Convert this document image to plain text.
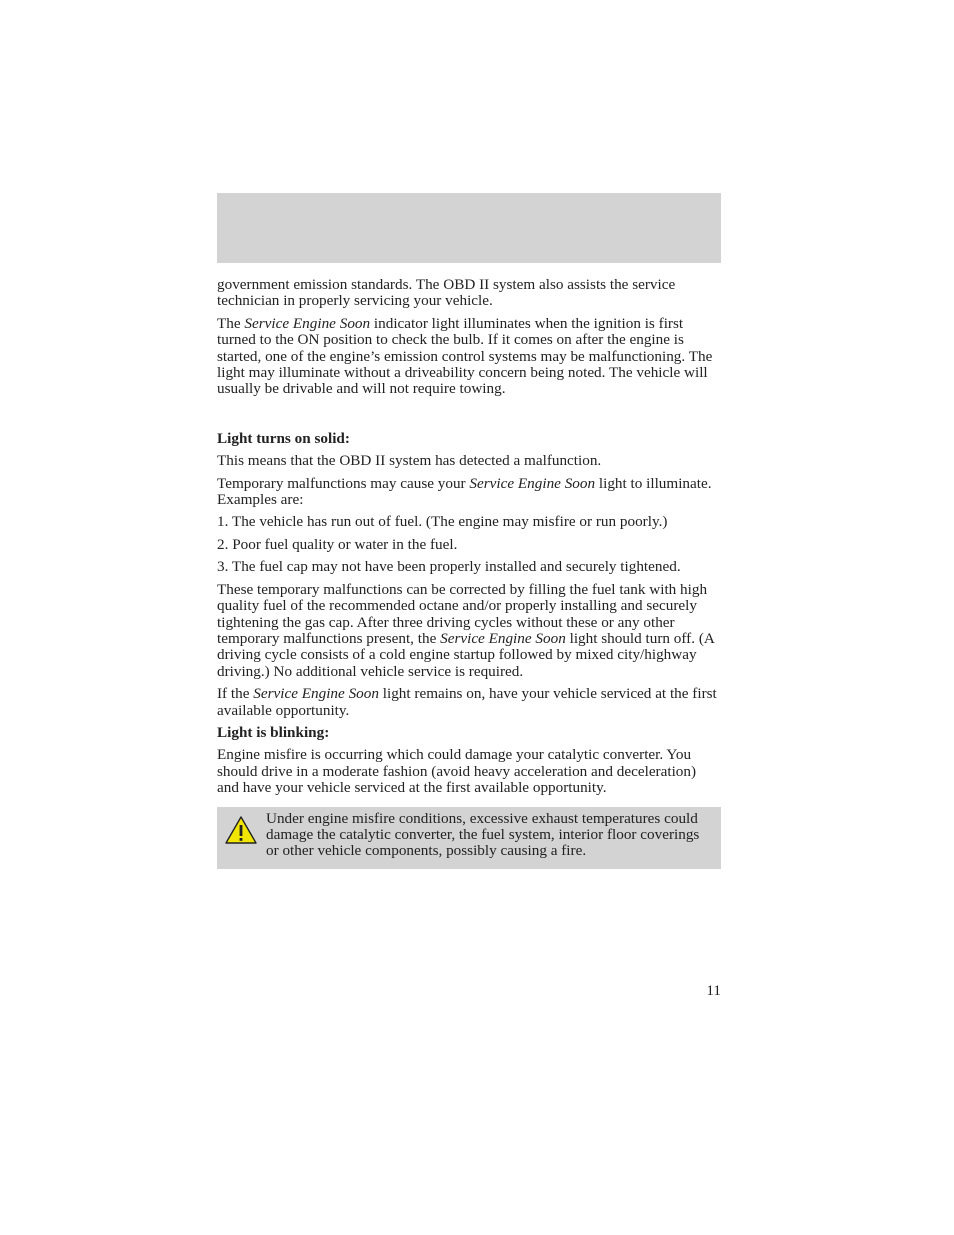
government emission standards. The OBD II system also assists the service technician in properly servicing your vehicle.

The Service Engine Soon indicator light illuminates when the ignition is first turned to the ON position to check the bulb. If it comes on after the engine is started, one of the engine’s emission control systems may be malfunctioning. The light may illuminate without a driveability concern being noted. The vehicle will usually be drivable and will not require towing.

Light turns on solid:

This means that the OBD II system has detected a malfunction.

Temporary malfunctions may cause your Service Engine Soon light to illuminate. Examples are:

1. The vehicle has run out of fuel. (The engine may misfire or run poorly.)

2. Poor fuel quality or water in the fuel.

3. The fuel cap may not have been properly installed and securely tightened.

These temporary malfunctions can be corrected by filling the fuel tank with high quality fuel of the recommended octane and/or properly installing and securely tightening the gas cap. After three driving cycles without these or any other temporary malfunctions present, the Service Engine Soon light should turn off. (A driving cycle consists of a cold engine startup followed by mixed city/highway driving.) No additional vehicle service is required.

If the Service Engine Soon light remains on, have your vehicle serviced at the first available opportunity.

Light is blinking:

Engine misfire is occurring which could damage your catalytic converter. You should drive in a moderate fashion (avoid heavy acceleration and deceleration) and have your vehicle serviced at the first available opportunity.

Under engine misfire conditions, excessive exhaust temperatures could damage the catalytic converter, the fuel system, interior floor coverings or other vehicle components, possibly causing a fire.

11
